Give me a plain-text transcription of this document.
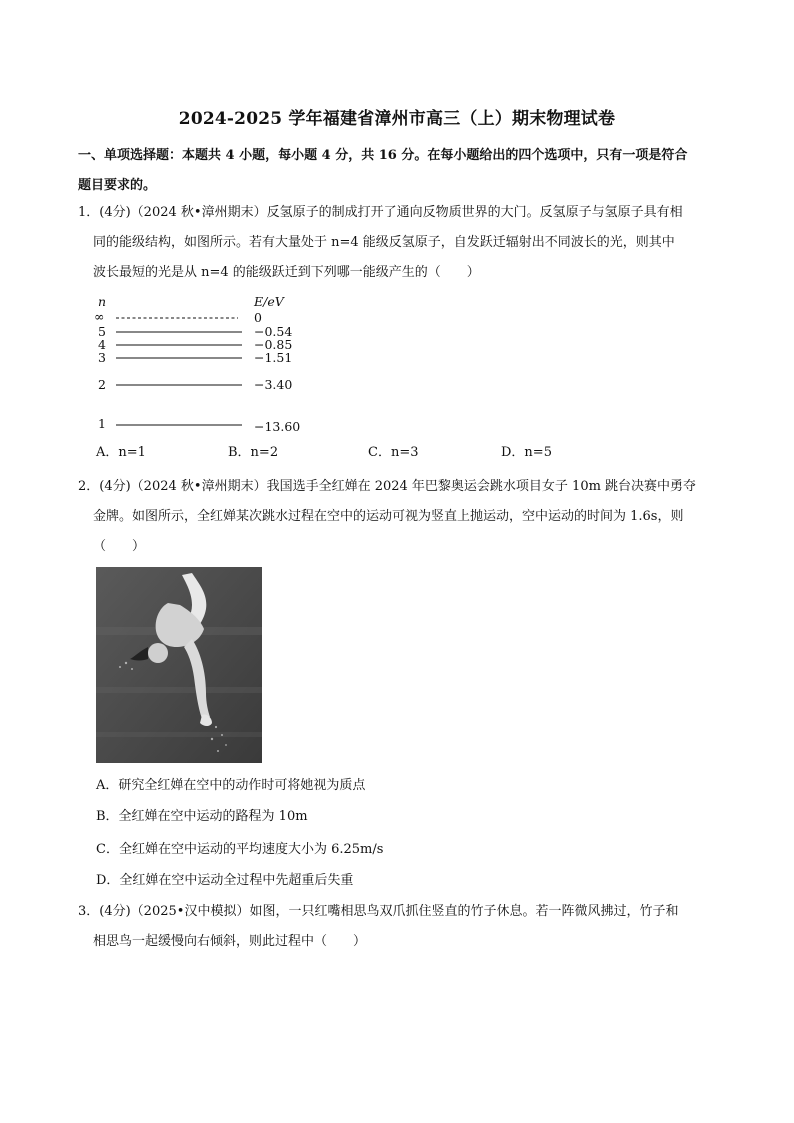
2024-2025 学年福建省漳州市高三（上）期末物理试卷
一、单项选择题：本题共 4 小题，每小题 4 分，共 16 分。在每小题给出的四个选项中，只有一项是符合
题目要求的。
1．(4分)（2024 秋•漳州期末）反氢原子的制成打开了通向反物质世界的大门。反氢原子与氢原子具有相
同的能级结构，如图所示。若有大量处于 n=4 能级反氢原子，自发跃迁辐射出不同波长的光，则其中
波长最短的光是从 n=4 的能级跃迁到下列哪一能级产生的（　　）
n	E/eV
∞	0
5	−0.54
4	−0.85
3	−1.51
2	−3.40
1	−13.60
A．n=1	B．n=2	C．n=3	D．n=5
2．(4分)（2024 秋•漳州期末）我国选手全红婵在 2024 年巴黎奥运会跳水项目女子 10m 跳台决赛中勇夺
金牌。如图所示，全红婵某次跳水过程在空中的运动可视为竖直上抛运动，空中运动的时间为 1.6s，则
（　　）
A．研究全红婵在空中的动作时可将她视为质点
B．全红婵在空中运动的路程为 10m
C．全红婵在空中运动的平均速度大小为 6.25m/s
D．全红婵在空中运动全过程中先超重后失重
3．(4分)（2025•汉中模拟）如图，一只红嘴相思鸟双爪抓住竖直的竹子休息。若一阵微风拂过，竹子和
相思鸟一起缓慢向右倾斜，则此过程中（　　）
